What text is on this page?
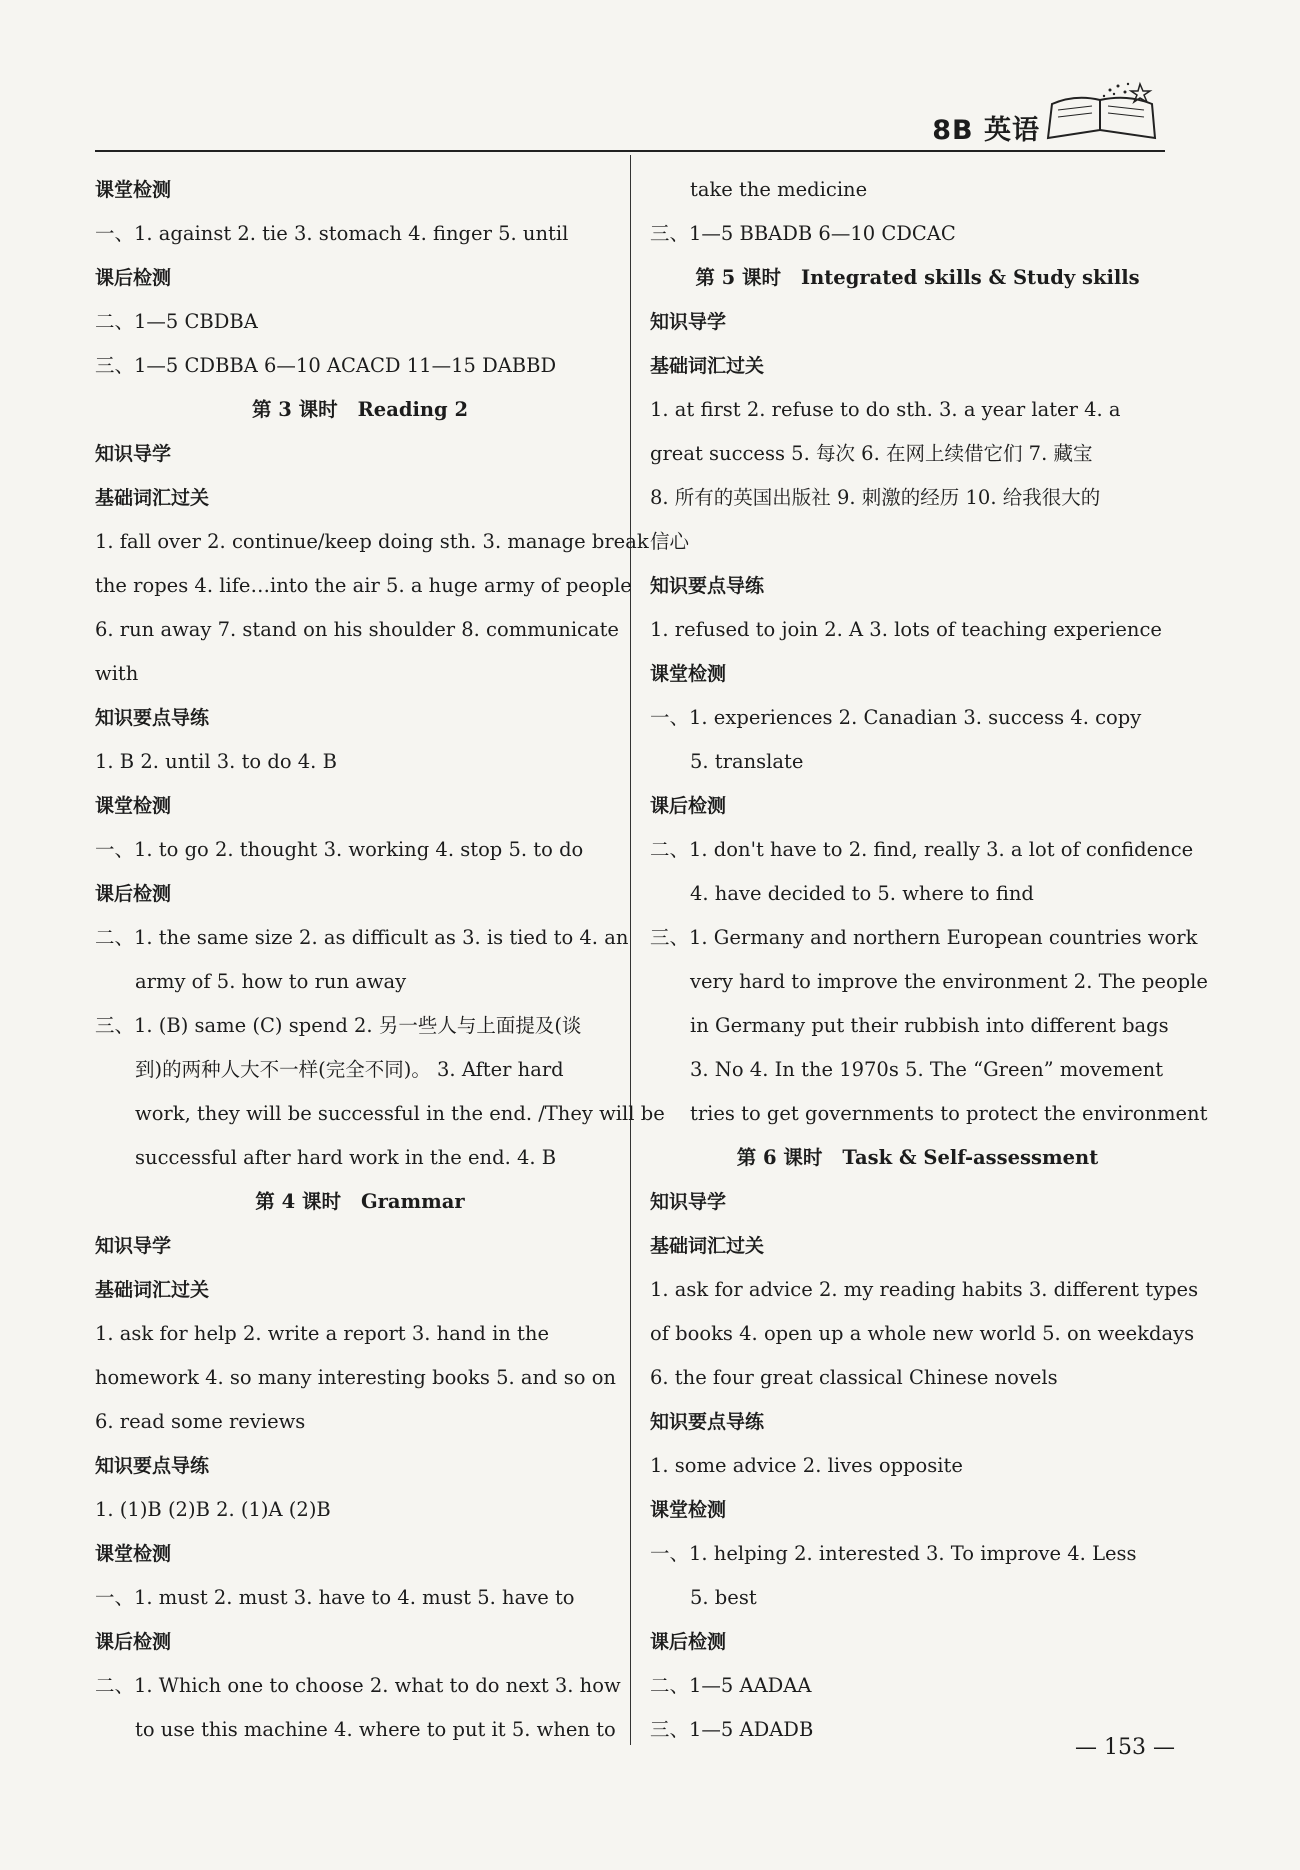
8B 英语
课堂检测
一、1. against 2. tie 3. stomach 4. finger 5. until
课后检测
二、1—5 CBDBA
三、1—5 CDBBA 6—10 ACACD 11—15 DABBD
第 3 课时 Reading 2
知识导学
基础词汇过关
1. fall over 2. continue/keep doing sth. 3. manage break
the ropes 4. life…into the air 5. a huge army of people
6. run away 7. stand on his shoulder 8. communicate
with
知识要点导练
1. B 2. until 3. to do 4. B
课堂检测
一、1. to go 2. thought 3. working 4. stop 5. to do
课后检测
二、1. the same size 2. as difficult as 3. is tied to 4. an
army of 5. how to run away
三、1. (B) same (C) spend 2. 另一些人与上面提及(谈
到)的两种人大不一样(完全不同)。 3. After hard
work, they will be successful in the end. /They will be
successful after hard work in the end. 4. B
第 4 课时 Grammar
知识导学
基础词汇过关
1. ask for help 2. write a report 3. hand in the
homework 4. so many interesting books 5. and so on
6. read some reviews
知识要点导练
1. (1)B (2)B 2. (1)A (2)B
课堂检测
一、1. must 2. must 3. have to 4. must 5. have to
课后检测
二、1. Which one to choose 2. what to do next 3. how
to use this machine 4. where to put it 5. when to
take the medicine
三、1—5 BBADB 6—10 CDCAC
第 5 课时 Integrated skills & Study skills
知识导学
基础词汇过关
1. at first 2. refuse to do sth. 3. a year later 4. a
great success 5. 每次 6. 在网上续借它们 7. 藏宝
8. 所有的英国出版社 9. 刺激的经历 10. 给我很大的
信心
知识要点导练
1. refused to join 2. A 3. lots of teaching experience
课堂检测
一、1. experiences 2. Canadian 3. success 4. copy
5. translate
课后检测
二、1. don't have to 2. find, really 3. a lot of confidence
4. have decided to 5. where to find
三、1. Germany and northern European countries work
very hard to improve the environment 2. The people
in Germany put their rubbish into different bags
3. No 4. In the 1970s 5. The “Green” movement
tries to get governments to protect the environment
第 6 课时 Task & Self-assessment
知识导学
基础词汇过关
1. ask for advice 2. my reading habits 3. different types
of books 4. open up a whole new world 5. on weekdays
6. the four great classical Chinese novels
知识要点导练
1. some advice 2. lives opposite
课堂检测
一、1. helping 2. interested 3. To improve 4. Less
5. best
课后检测
二、1—5 AADAA
三、1—5 ADADB
— 153 —
